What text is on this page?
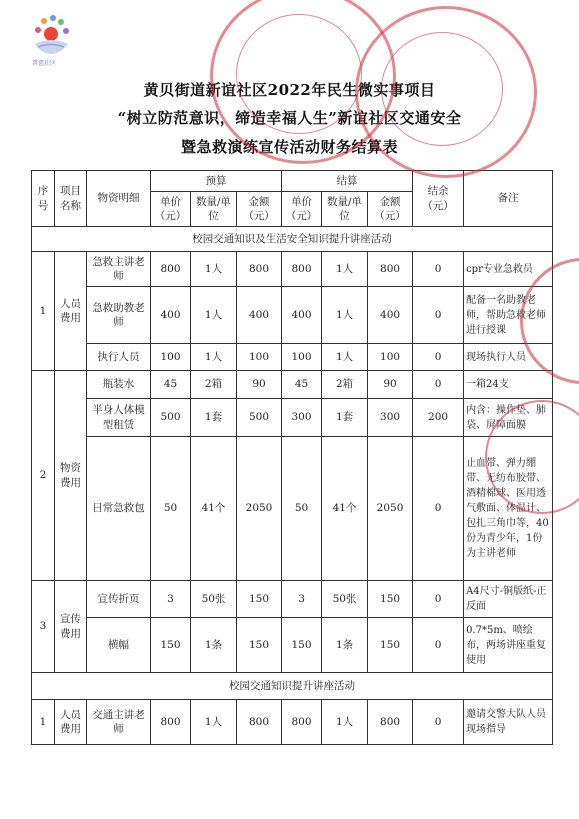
普慈社区
黄贝街道新谊社区2022年民生微实事项目
“树立防范意识，缔造幸福人生”新谊社区交通安全
暨急救演练宣传活动财务结算表
序号	项目名称	物资明细	预算			结算			结余（元）	备注
			单价（元）	数量/单位	金额（元）	单价（元）	数量/单位	金额（元）		
校园交通知识及生活安全知识提升讲座活动										
1	人员费用	急救主讲老师	800	1人	800	800	1人	800	0	cpr专业急救员
		急救助教老师	400	1人	400	400	1人	400	0	配备一名助教老师，帮助急救老师进行授课
		执行人员	100	1人	100	100	1人	100	0	现场执行人员
2	物资费用	瓶装水	45	2箱	90	45	2箱	90	0	一箱24支
		半身人体模型租赁	500	1套	500	300	1套	300	200	内含：操作垫、肺袋、屏障面膜
		日常急救包	50	41个	2050	50	41个	2050	0	止血带、弹力绷带、无纺布胶带、酒精棉球、医用透气敷面、体温计、包扎三角巾等，40份为青少年，1份为主讲老师
3	宣传费用	宣传折页	3	50张	150	3	50张	150	0	A4尺寸-铜版纸-正反面
		横幅	150	1条	150	150	1条	150	0	0.7*5m、喷绘布，两场讲座重复使用
校园交通知识提升讲座活动										
1	人员费用	交通主讲老师	800	1人	800	800	1人	800	0	邀请交警大队人员现场指导
